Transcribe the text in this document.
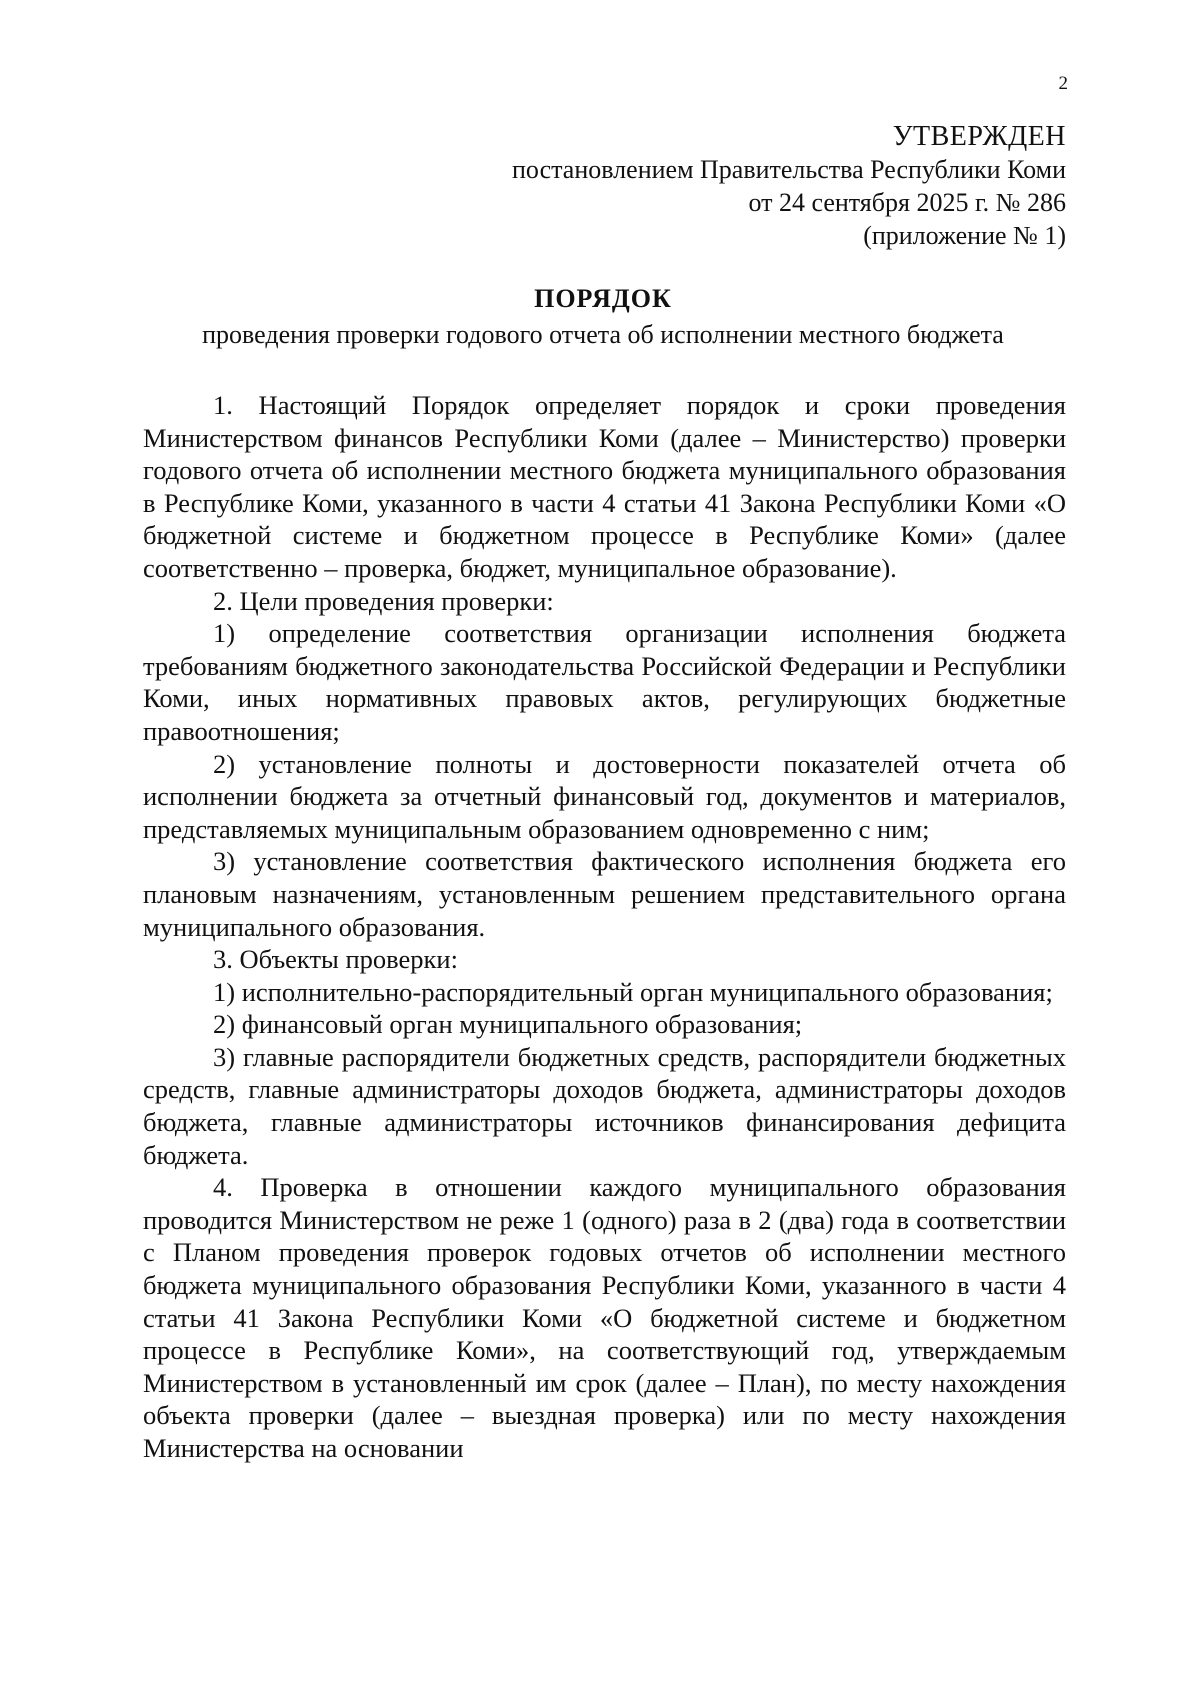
2
УТВЕРЖДЕН
постановлением Правительства Республики Коми
от 24 сентября 2025 г. № 286
(приложение № 1)
ПОРЯДОК
проведения проверки годового отчета об исполнении местного бюджета

1. Настоящий Порядок определяет порядок и сроки проведения Министерством финансов Республики Коми (далее – Министерство) проверки годового отчета об исполнении местного бюджета муниципального образования в Республике Коми, указанного в части 4 статьи 41 Закона Республики Коми «О бюджетной системе и бюджетном процессе в Республике Коми» (далее соответственно – проверка, бюджет, муниципальное образование).

2. Цели проведения проверки:

1) определение соответствия организации исполнения бюджета требованиям бюджетного законодательства Российской Федерации и Республики Коми, иных нормативных правовых актов, регулирующих бюджетные правоотношения;

2) установление полноты и достоверности показателей отчета об исполнении бюджета за отчетный финансовый год, документов и материалов, представляемых муниципальным образованием одновременно с ним;

3) установление соответствия фактического исполнения бюджета его плановым назначениям, установленным решением представительного органа муниципального образования.

3. Объекты проверки:

1) исполнительно-распорядительный орган муниципального образования;

2) финансовый орган муниципального образования;

3) главные распорядители бюджетных средств, распорядители бюджетных средств, главные администраторы доходов бюджета, администраторы доходов бюджета, главные администраторы источников финансирования дефицита бюджета.

4. Проверка в отношении каждого муниципального образования проводится Министерством не реже 1 (одного) раза в 2 (два) года в соответствии с Планом проведения проверок годовых отчетов об исполнении местного бюджета муниципального образования Республики Коми, указанного в части 4 статьи 41 Закона Республики Коми «О бюджетной системе и бюджетном процессе в Республике Коми», на соответствующий год, утверждаемым Министерством в установленный им срок (далее – План), по месту нахождения объекта проверки (далее – выездная проверка) или по месту нахождения Министерства на основании
